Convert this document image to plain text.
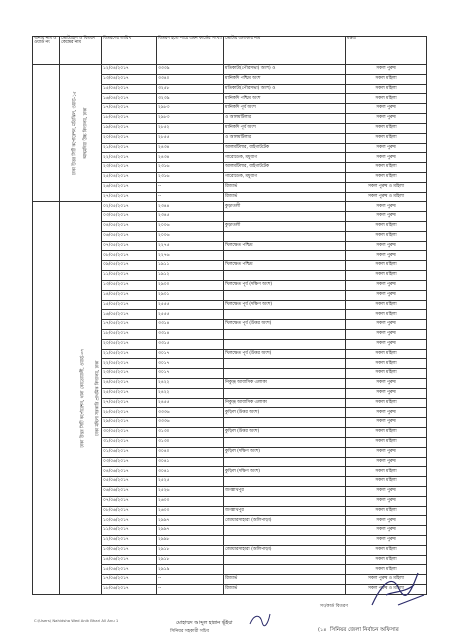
থানার নাম ও ওয়ার্ড নং	ভোটগ্রহণ ও বিতরণ কেন্দ্রের নাম	বিতরণের তারিখ	বিতরণ হতে পারে এমন কার্ডের সংখ্যা	ভোটার এলাকার নাম	মন্তব্য
ঢাকা উত্তর সিটি কর্পোরেশন, মতিঝিল, ওয়ার্ড-১৫	আহমদিয়া উচ্চ বিদ্যালয়, ঢাকা	১২/০৪/২০১৭	৩৩৩৯	মতিকাটা(পৌরসভা) অংশ) ও	সকল পুরুষ
		১৩/০৪/২০১৭	৩৩৪০	মানিকদি পশ্চিম অংশ	সকল মহিলা
		১৫/০৪/২০১৭	৩২৫৮	মতিকাটা(পৌরসভা) অংশ) ও	সকল মহিলা
		১৬/০৪/২০১৭	৩২৩৯	মানিকদি পশ্চিম অংশ	সকল মহিলা
		১৭/০৪/২০১৭	২৯৮৩	মানিকদি পূর্ব অংশ	সকল পুরুষ
		১৮/০৪/২০১৭	২৯৮৩	ও আলমটিলার	সকল পুরুষ
		১৯/০৪/২০১৭	২৮৫২	মানিকদি পূর্ব অংশ	সকল মহিলা
		২০/০৪/২০১৭	২৮৫৫	ও আলমটিলার	সকল মহিলা
		২১/০৪/২০১৭	২৪৩৪	আলমটিলার, বাইগাটটেক	সকল পুরুষ
		২২/০৪/২০১৭	২৪৩৪	গারোডেক, মধুবাগ	সকল পুরুষ
		২৩/০৪/২০১৭	২৩১৬	আলমটিলার, বাইগাটটেক	সকল মহিলা
		২৫/০৪/২০১৭	২৩১৬	গারোডেক, মধুবাগ	সকল মহিলা
		২৬/০৪/২০১৭	--	রিজার্ভ	সকল পুরুষ ও মহিলা
		২৭/০৪/২০১৭	--	রিজার্ভ	সকল পুরুষ ও মহিলা
ঢাকা উত্তর সিটি কর্পোরেশন, থানা কোতোয়ালী, ওয়ার্ড-৩৭	ঢাকা মহিলা সরকারি প্রাথমিক বিদ্যালয়, ঢাকা	০২/০৫/২০১৭	২৩৪৪	কুড়াতলী	সকল পুরুষ
		০৩/০৫/২০১৭	২৩৪৫		সকল পুরুষ
		০৪/০৫/২০১৭	২০০৬	কুড়াতলী	সকল মহিলা
		০৬/০৫/২০১৭	২০০৬		সকল মহিলা
		০৭/০৫/২০১৭	২২৭৫	খিলক্ষেত পশ্চিম	সকল পুরুষ
		০৮/০৫/২০১৭	২২৭৬		সকল পুরুষ
		০৯/০৫/২০১৭	১৯১১	খিলক্ষেত পশ্চিম	সকল মহিলা
		১১/০৫/২০১৭	১৯১২		সকল মহিলা
		১৩/০৫/২০১৭	২৯০০	খিলক্ষেত পূর্ব (দক্ষিণ অংশ)	সকল পুরুষ
		১৪/০৫/২০১৭	২৯০১		সকল পুরুষ
		১৫/০৫/২০১৭	২৫৫৫	খিলক্ষেত পূর্ব (দক্ষিণ অংশ)	সকল মহিলা
		১৬/০৫/২০১৭	২৫৫৫		সকল মহিলা
		১৭/০৫/২০১৭	৩৩১৪	খিলক্ষেত পূর্ব (উত্তর অংশ)	সকল পুরুষ
		১৮/০৫/২০১৭	৩৩১৪		সকল পুরুষ
		২০/০৫/২০১৭	৩৩১৫		সকল পুরুষ
		২১/০৫/২০১৭	৩০১৭	খিলক্ষেত পূর্ব (উত্তর অংশ)	সকল মহিলা
		২২/০৫/২০১৭	৩০১৭		সকল মহিলা
		২৩/০৫/২০১৭	৩০১৭		সকল মহিলা
		২৪/০৫/২০১৭	২৪২২	নিকুঞ্জ আবাসিক এলাকা	সকল পুরুষ
		২৫/০৫/২০১৭	২৪২২		সকল পুরুষ
		২৭/০৫/২০১৭	২৪৫৫	নিকুঞ্জ আবাসিক এলাকা	সকল মহিলা
		২৮/০৫/২০১৭	৩৩৩৬	কুড়িল (উত্তর অংশ)	সকল পুরুষ
		২৯/০৫/২০১৭	৩৩৩৬		সকল পুরুষ
		৩০/০৫/২০১৭	৩১৩০	কুড়িল (উত্তর অংশ)	সকল মহিলা
		৩১/০৫/২০১৭	৩১৩০		সকল মহিলা
		০১/০৬/২০১৭	৩০৪০	কুড়িল (দক্ষিণ অংশ)	সকল পুরুষ
		০৩/০৬/২০১৭	৩০৪১		সকল পুরুষ
		০৪/০৬/২০১৭	৩০৪১	কুড়িল (দক্ষিণ অংশ)	সকল মহিলা
		০৫/০৬/২০১৭	২৫২৫		সকল মহিলা
		০৬/০৬/২০১৭	২৫২৬	জগন্নাথপুর	সকল পুরুষ
		০৭/০৬/২০১৭	২৬০০		সকল পুরুষ
		০৮/০৬/২০১৭	২৬০০	জগন্নাথপুর	সকল মহিলা
		১০/০৬/২০১৭	২৯৯৭	জোয়ারসাহারা (অলিপাড়া)	সকল পুরুষ
		১১/০৬/২০১৭	২৯৯৭		সকল পুরুষ
		১২/০৬/২০১৭	২৯৯৮		সকল পুরুষ
		১৩/০৬/২০১৭	২৯১৮	জোয়ারসাহারা (অলিপাড়া)	সকল মহিলা
		১৪/০৬/২০১৭	২৯১৮		সকল মহিলা
		১৫/০৬/২০১৭	২৯১৯		সকল মহিলা
		১৭/০৬/২০১৭	--	রিজার্ভ	সকল পুরুষ ও মহিলা
		১৮/০৬/২০১৭	--	রিজার্ভ	সকল পুরুষ ও মহিলা
সং/কার্ড বিতরণ
C:\Users\ Nahidsha Wed Anik Bhari All Anu 1	মোহাম্মদ আব্দুল হান্নান ভূঁইয়া
সিনিয়র সহকারী সচিব	(১৪ সিনিয়র জেলা নির্বাচন অফিসার
